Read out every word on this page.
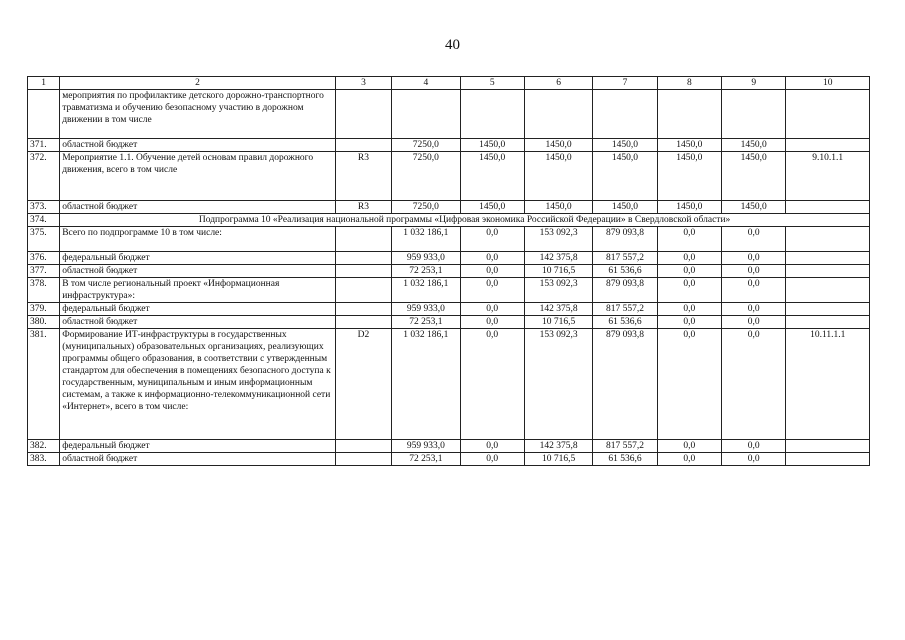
40
1	2	3	4	5	6	7	8	9	10
	мероприятия по профилактике детского дорожно-транспортного травматизма и обучению безопасному участию в дорожном движении в том числе								
371.	областной бюджет		7250,0	1450,0	1450,0	1450,0	1450,0	1450,0	
372.	Мероприятие 1.1. Обучение детей основам правил дорожного движения, всего в том числе	R3	7250,0	1450,0	1450,0	1450,0	1450,0	1450,0	9.10.1.1
373.	областной бюджет	R3	7250,0	1450,0	1450,0	1450,0	1450,0	1450,0	
374.	Подпрограмма 10 «Реализация национальной программы «Цифровая экономика Российской Федерации» в Свердловской области»								
375.	Всего по подпрограмме 10 в том числе:		1 032 186,1	0,0	153 092,3	879 093,8	0,0	0,0	
376.	федеральный бюджет		959 933,0	0,0	142 375,8	817 557,2	0,0	0,0	
377.	областной бюджет		72 253,1	0,0	10 716,5	61 536,6	0,0	0,0	
378.	В том числе региональный проект «Информационная инфраструктура»:		1 032 186,1	0,0	153 092,3	879 093,8	0,0	0,0	
379.	федеральный бюджет		959 933,0	0,0	142 375,8	817 557,2	0,0	0,0	
380.	областной бюджет		72 253,1	0,0	10 716,5	61 536,6	0,0	0,0	
381.	Формирование ИТ-инфраструктуры в государственных (муниципальных) образовательных организациях, реализующих программы общего образования, в соответствии с утвержденным стандартом для обеспечения в помещениях безопасного доступа к государственным, муниципальным и иным информационным системам, а также к информационно-телекоммуникационной сети «Интернет», всего в том числе:	D2	1 032 186,1	0,0	153 092,3	879 093,8	0,0	0,0	10.11.1.1
382.	федеральный бюджет		959 933,0	0,0	142 375,8	817 557,2	0,0	0,0	
383.	областной бюджет		72 253,1	0,0	10 716,5	61 536,6	0,0	0,0	
